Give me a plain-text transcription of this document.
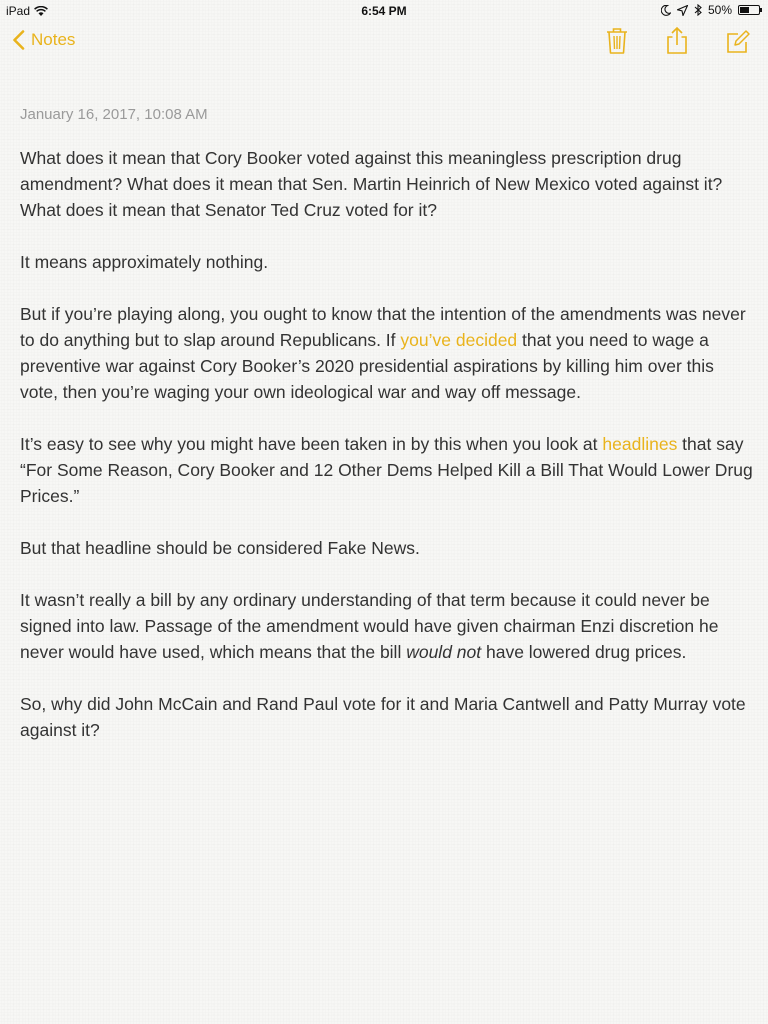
iPad	6:54 PM	50%
Notes
January 16, 2017, 10:08 AM

What does it mean that Cory Booker voted against this meaningless prescription drug amendment? What does it mean that Sen. Martin Heinrich of New Mexico voted against it? What does it mean that Senator Ted Cruz voted for it?

It means approximately nothing.

But if you’re playing along, you ought to know that the intention of the amendments was never to do anything but to slap around Republicans. If you’ve decided that you need to wage a preventive war against Cory Booker’s 2020 presidential aspirations by killing him over this vote, then you’re waging your own ideological war and way off message.

It’s easy to see why you might have been taken in by this when you look at headlines that say “For Some Reason, Cory Booker and 12 Other Dems Helped Kill a Bill That Would Lower Drug Prices.”

But that headline should be considered Fake News.

It wasn’t really a bill by any ordinary understanding of that term because it could never be signed into law. Passage of the amendment would have given chairman Enzi discretion he never would have used, which means that the bill would not have lowered drug prices.

So, why did John McCain and Rand Paul vote for it and Maria Cantwell and Patty Murray vote against it?
